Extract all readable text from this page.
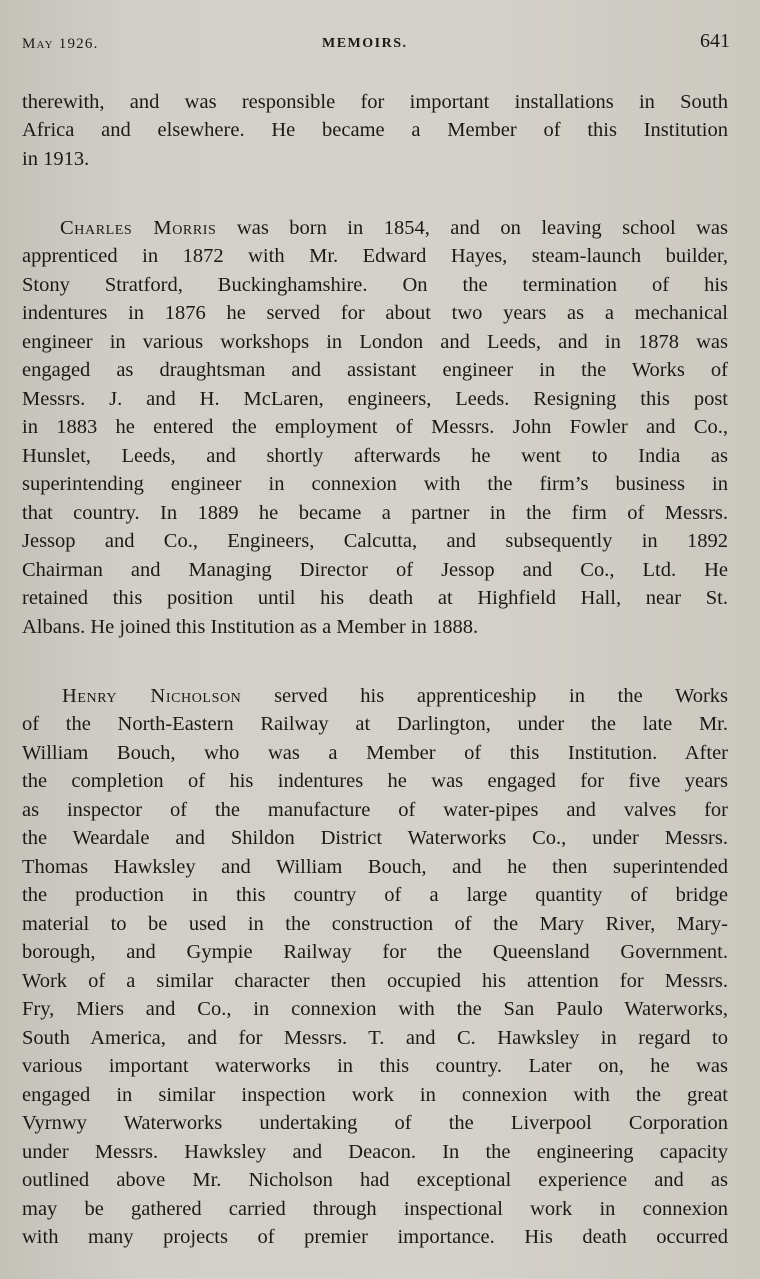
May 1926.	MEMOIRS.	641
therewith, and was responsible for important installations in South
Africa and elsewhere. He became a Member of this Institution
in 1913.
Charles Morris was born in 1854, and on leaving school was
apprenticed in 1872 with Mr. Edward Hayes, steam-launch builder,
Stony Stratford, Buckinghamshire. On the termination of his
indentures in 1876 he served for about two years as a mechanical
engineer in various workshops in London and Leeds, and in 1878 was
engaged as draughtsman and assistant engineer in the Works of
Messrs. J. and H. McLaren, engineers, Leeds. Resigning this post
in 1883 he entered the employment of Messrs. John Fowler and Co.,
Hunslet, Leeds, and shortly afterwards he went to India as
superintending engineer in connexion with the firm’s business in
that country. In 1889 he became a partner in the firm of Messrs.
Jessop and Co., Engineers, Calcutta, and subsequently in 1892
Chairman and Managing Director of Jessop and Co., Ltd. He
retained this position until his death at Highfield Hall, near St.
Albans. He joined this Institution as a Member in 1888.
Henry Nicholson served his apprenticeship in the Works
of the North-Eastern Railway at Darlington, under the late Mr.
William Bouch, who was a Member of this Institution. After
the completion of his indentures he was engaged for five years
as inspector of the manufacture of water-pipes and valves for
the Weardale and Shildon District Waterworks Co., under Messrs.
Thomas Hawksley and William Bouch, and he then superintended
the production in this country of a large quantity of bridge
material to be used in the construction of the Mary River, Mary-
borough, and Gympie Railway for the Queensland Government.
Work of a similar character then occupied his attention for Messrs.
Fry, Miers and Co., in connexion with the San Paulo Waterworks,
South America, and for Messrs. T. and C. Hawksley in regard to
various important waterworks in this country. Later on, he was
engaged in similar inspection work in connexion with the great
Vyrnwy Waterworks undertaking of the Liverpool Corporation
under Messrs. Hawksley and Deacon. In the engineering capacity
outlined above Mr. Nicholson had exceptional experience and as
may be gathered carried through inspectional work in connexion
with many projects of premier importance. His death occurred
